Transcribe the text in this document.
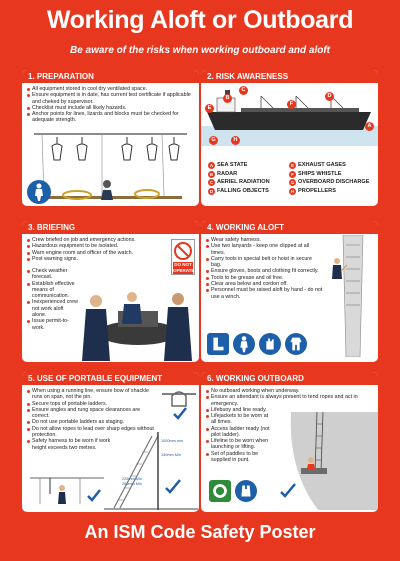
Working Aloft or Outboard
Be aware of the risks when working outboard and aloft
1. PREPARATION
All equipment stored in cool dry ventilated space.
Ensure equipment is in date, has current test certificate if applicable and cheked by supervisor.
Checklist must include all likely hazards.
Anchor points for lines, lizards and blocks must be checked for adequate strength.
2. RISK AWARENESS
E
B
C
F
D
A
G	H
A SEA STATE
B RADAR
C AERIEL RADIATION
D FALLING OBJECTS
E EXHAUST GASES
F SHIPS WHISTLE
G OVERBOARD DISCHARGE
H PROPELLERS
3. BRIEFING
Crew briefed on job and emergency actions.
Hazardous equipment to be isolated.
Warn engine room and officer of the watch.
Post warning signs.
Check weather forecast.
Establish effective means of communication.
Inexperienced crew not work aloft alone.
Issue permit-to-work.
DO NOT OPERATE
4. WORKING ALOFT
Wear safety harness.
Use two lanyards - keep one clipped at all times.
Carry tools in special belt or hoist in secure bag.
Ensure gloves, boots and clothing fit correctly.
Tools to be grease and oil free.
Clear area below and cordon off.
Personnel must be raised aloft by hand - do not use a winch.
5. USE OF PORTABLE EQUIPMENT
When using a running line, ensure bow of shackle runs on span, not the pin.
Secure tops of portable ladders.
Ensure angles and rung space clearances are correct.
Do not use portable ladders as staging.
Do not allow ropes to lead over sharp edges without protection.
Safety harness to be worn if work height exceeds two metres.
1000mm min
225mm Min
150mm Min
250mm Min
6. WORKING OUTBOARD
No outboard working when underway.
Ensure an attendant is always present to tend ropes and act in emergency.
Lifebuoy and line ready.
Lifejackets to be worn at all times.
Access ladder ready (not pilot ladder).
Lifeline to be worn when launching or lifting.
Set of paddles to be supplied in punt.
An ISM Code Safety Poster
